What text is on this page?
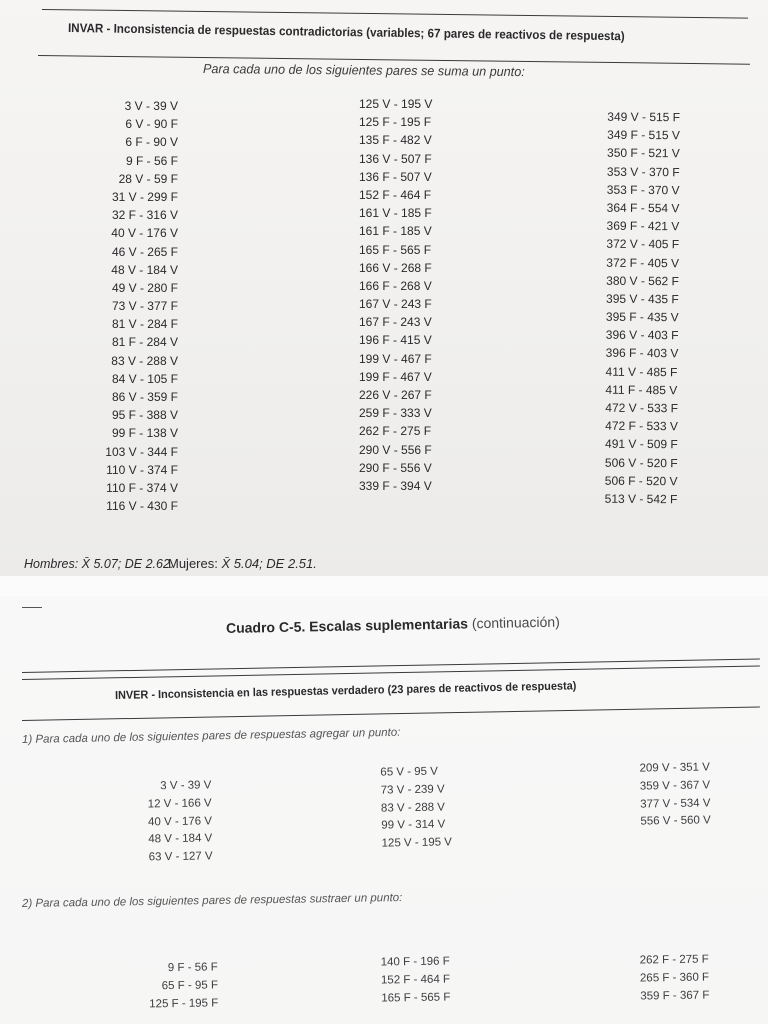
INVAR - Inconsistencia de respuestas contradictorias (variables; 67 pares de reactivos de respuesta)
Para cada uno de los siguientes pares se suma un punto:
3 V - 39 V
6 V - 90 F
6 F - 90 V
9 F - 56 F
28 V - 59 F
31 V - 299 F
32 F - 316 V
40 V - 176 V
46 V - 265 F
48 V - 184 V
49 V - 280 F
73 V - 377 F
81 V - 284 F
81 F - 284 V
83 V - 288 V
84 V - 105 F
86 V - 359 F
95 F - 388 V
99 F - 138 V
103 V - 344 F
110 V - 374 F
110 F - 374 V
116 V - 430 F
125 V - 195 V
125 F - 195 F
135 F - 482 V
136 V - 507 F
136 F - 507 V
152 F - 464 F
161 V - 185 F
161 F - 185 V
165 F - 565 F
166 V - 268 F
166 F - 268 V
167 V - 243 F
167 F - 243 V
196 F - 415 V
199 V - 467 F
199 F - 467 V
226 V - 267 F
259 F - 333 V
262 F - 275 F
290 V - 556 F
290 F - 556 V
339 F - 394 V
349 V - 515 F
349 F - 515 V
350 F - 521 V
353 V - 370 F
353 F - 370 V
364 F - 554 V
369 F - 421 V
372 V - 405 F
372 F - 405 V
380 V - 562 F
395 V - 435 F
395 F - 435 V
396 V - 403 F
396 F - 403 V
411 V - 485 F
411 F - 485 V
472 V - 533 F
472 F - 533 V
491 V - 509 F
506 V - 520 F
506 F - 520 V
513 V - 542 F
Hombres: X̄ 5.07; DE 2.62.
Mujeres: X̄ 5.04; DE 2.51.
Cuadro C-5. Escalas suplementarias (continuación)
INVER - Inconsistencia en las respuestas verdadero (23 pares de reactivos de respuesta)
1) Para cada uno de los siguientes pares de respuestas agregar un punto:
3 V - 39 V
12 V - 166 V
40 V - 176 V
48 V - 184 V
63 V - 127 V
65 V - 95 V
73 V - 239 V
83 V - 288 V
99 V - 314 V
125 V - 195 V
209 V - 351 V
359 V - 367 V
377 V - 534 V
556 V - 560 V
2) Para cada uno de los siguientes pares de respuestas sustraer un punto:
9 F - 56 F
65 F - 95 F
125 F - 195 F
140 F - 196 F
152 F - 464 F
165 F - 565 F
262 F - 275 F
265 F - 360 F
359 F - 367 F
